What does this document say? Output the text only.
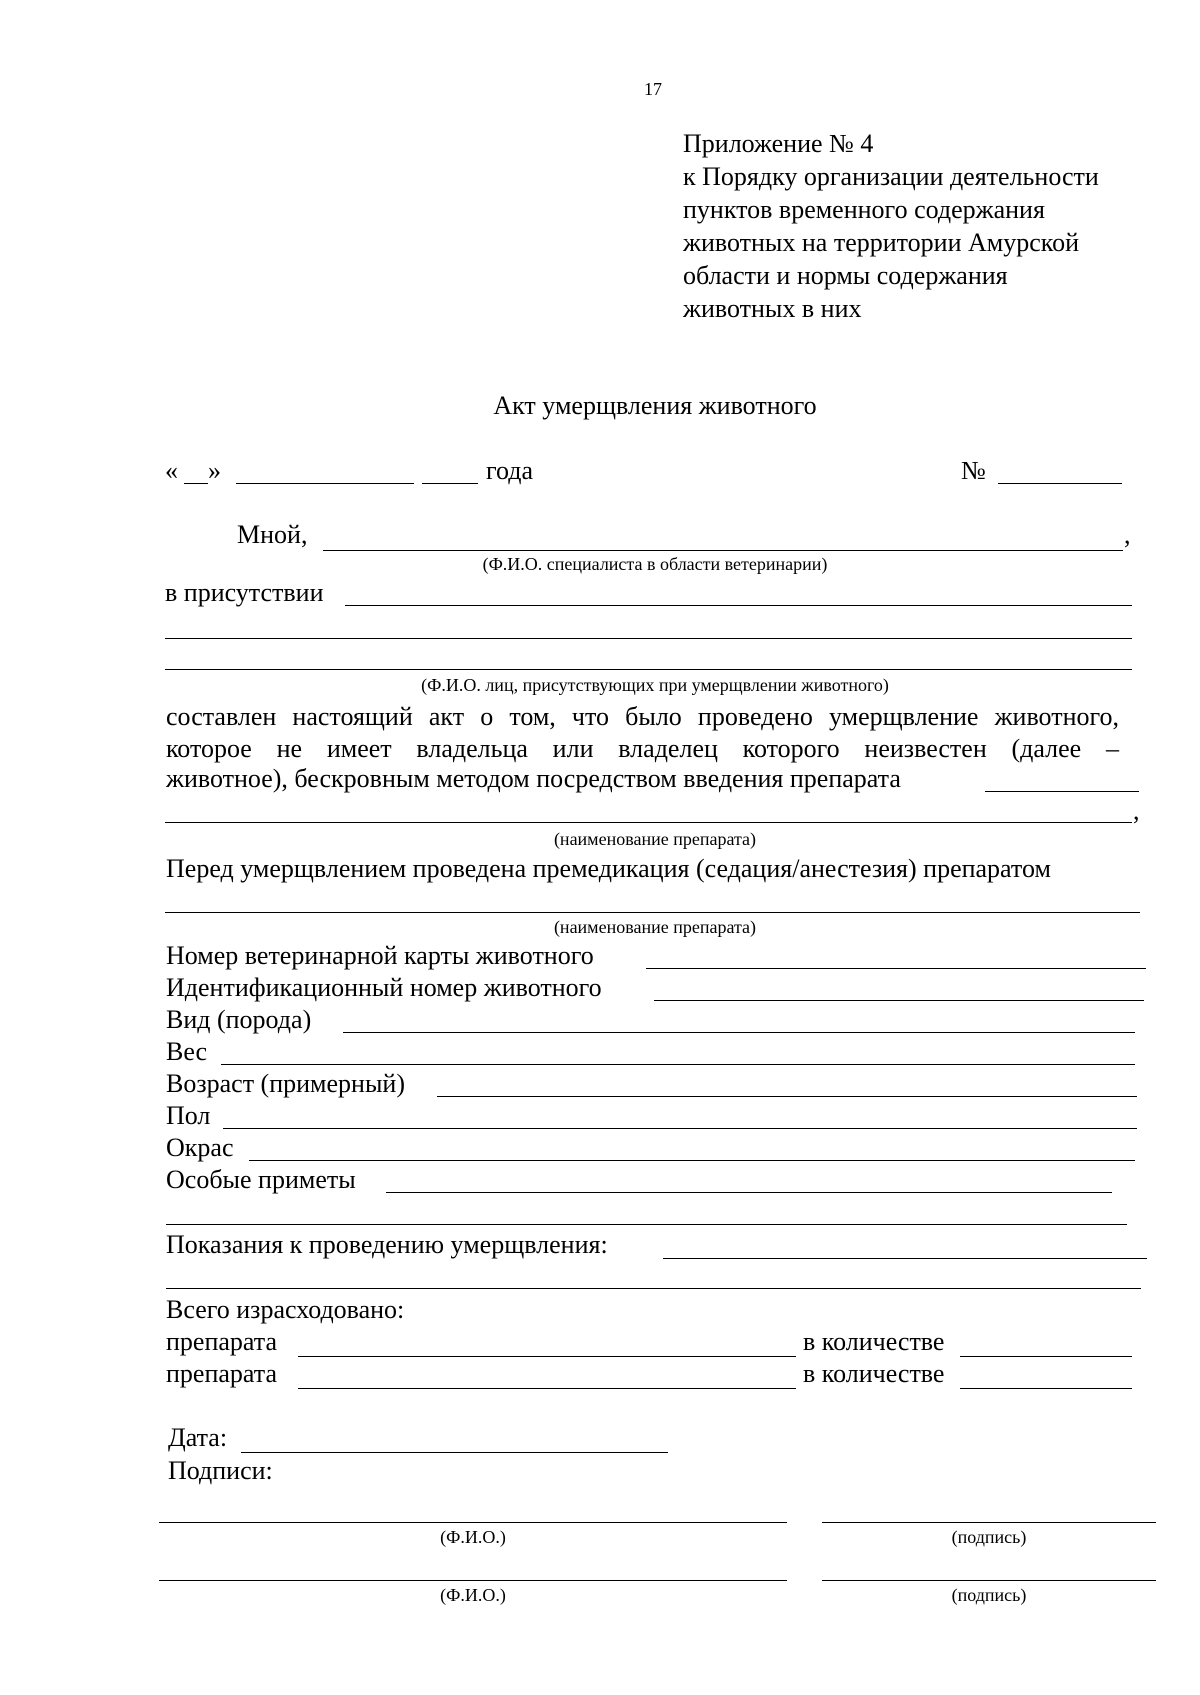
17
Приложение № 4
к Порядку организации деятельности
пунктов временного содержания
животных на территории Амурской
области и нормы содержания
животных в них
Акт умерщвления животного
« »	года	№
Мной,	,
(Ф.И.О. специалиста в области ветеринарии)
в присутствии
(Ф.И.О. лиц, присутствующих при умерщвлении животного)
составлен настоящий акт о том, что было проведено умерщвление животного,
которое не имеет владельца или владелец которого неизвестен (далее –
животное), бескровным методом посредством введения препарата
,
(наименование препарата)
Перед умерщвлением проведена премедикация (седация/анестезия) препаратом
(наименование препарата)
Номер ветеринарной карты животного
Идентификационный номер животного
Вид (порода)
Вес
Возраст (примерный)
Пол
Окрас
Особые приметы
Показания к проведению умерщвления:
Всего израсходовано:
препарата	в количестве
препарата	в количестве
Дата:
Подписи:
(Ф.И.О.)	(подпись)
(Ф.И.О.)	(подпись)
